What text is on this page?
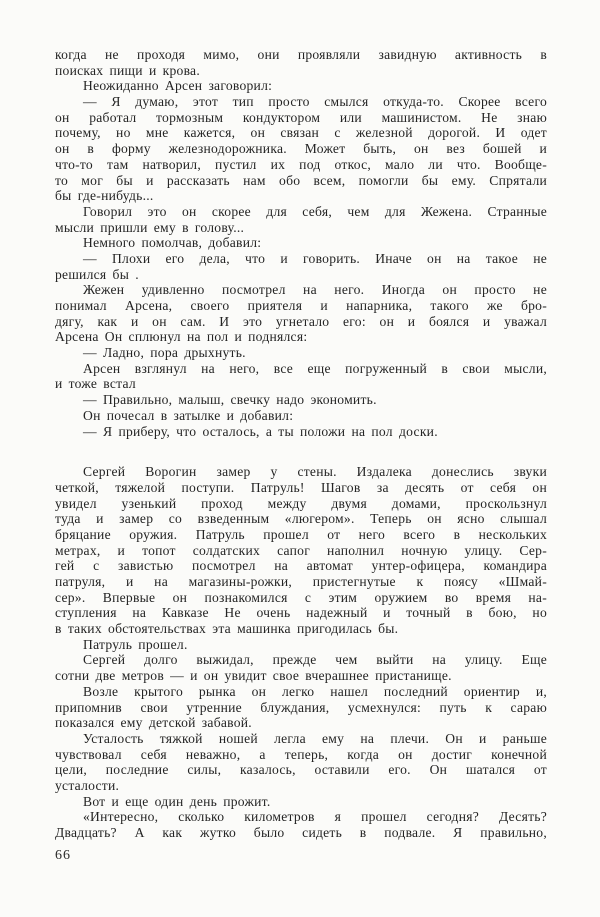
когда не проходя мимо, они проявляли завидную активность в
поисках пищи и крова.
Неожиданно Арсен заговорил:
— Я думаю, этот тип просто смылся откуда-то. Скорее всего
он работал тормозным кондуктором или машинистом. Не знаю
почему, но мне кажется, он связан с железной дорогой. И одет
он в форму железнодорожника. Может быть, он вез бошей и
что-то там натворил, пустил их под откос, мало ли что. Вообще-
то мог бы и рассказать нам обо всем, помогли бы ему. Спрятали
бы где-нибудь...
Говорил это он скорее для себя, чем для Жежена. Странные
мысли пришли ему в голову...
Немного помолчав, добавил:
— Плохи его дела, что и говорить. Иначе он на такое не
решился бы .
Жежен удивленно посмотрел на него. Иногда он просто не
понимал Арсена, своего приятеля и напарника, такого же бро-
дягу, как и он сам. И это угнетало его: он и боялся и уважал
Арсена Он сплюнул на пол и поднялся:
— Ладно, пора дрыхнуть.
Арсен взглянул на него, все еще погруженный в свои мысли,
и тоже встал
— Правильно, малыш, свечку надо экономить.
Он почесал в затылке и добавил:
— Я приберу, что осталось, а ты положи на пол доски.
Сергей Ворогин замер у стены. Издалека донеслись звуки
четкой, тяжелой поступи. Патруль! Шагов за десять от себя он
увидел узенький проход между двумя домами, проскользнул
туда и замер со взведенным «люгером». Теперь он ясно слышал
бряцание оружия. Патруль прошел от него всего в нескольких
метрах, и топот солдатских сапог наполнил ночную улицу. Сер-
гей с завистью посмотрел на автомат унтер-офицера, командира
патруля, и на магазины-рожки, пристегнутые к поясу «Шмай-
сер». Впервые он познакомился с этим оружием во время на-
ступления на Кавказе Не очень надежный и точный в бою, но
в таких обстоятельствах эта машинка пригодилась бы.
Патруль прошел.
Сергей долго выжидал, прежде чем выйти на улицу. Еще
сотни две метров — и он увидит свое вчерашнее пристанище.
Возле крытого рынка он легко нашел последний ориентир и,
припомнив свои утренние блуждания, усмехнулся: путь к сараю
показался ему детской забавой.
Усталость тяжкой ношей легла ему на плечи. Он и раньше
чувствовал себя неважно, а теперь, когда он достиг конечной
цели, последние силы, казалось, оставили его. Он шатался от
усталости.
Вот и еще один день прожит.
«Интересно, сколько километров я прошел сегодня? Десять?
Двадцать? А как жутко было сидеть в подвале. Я правильно,
66
